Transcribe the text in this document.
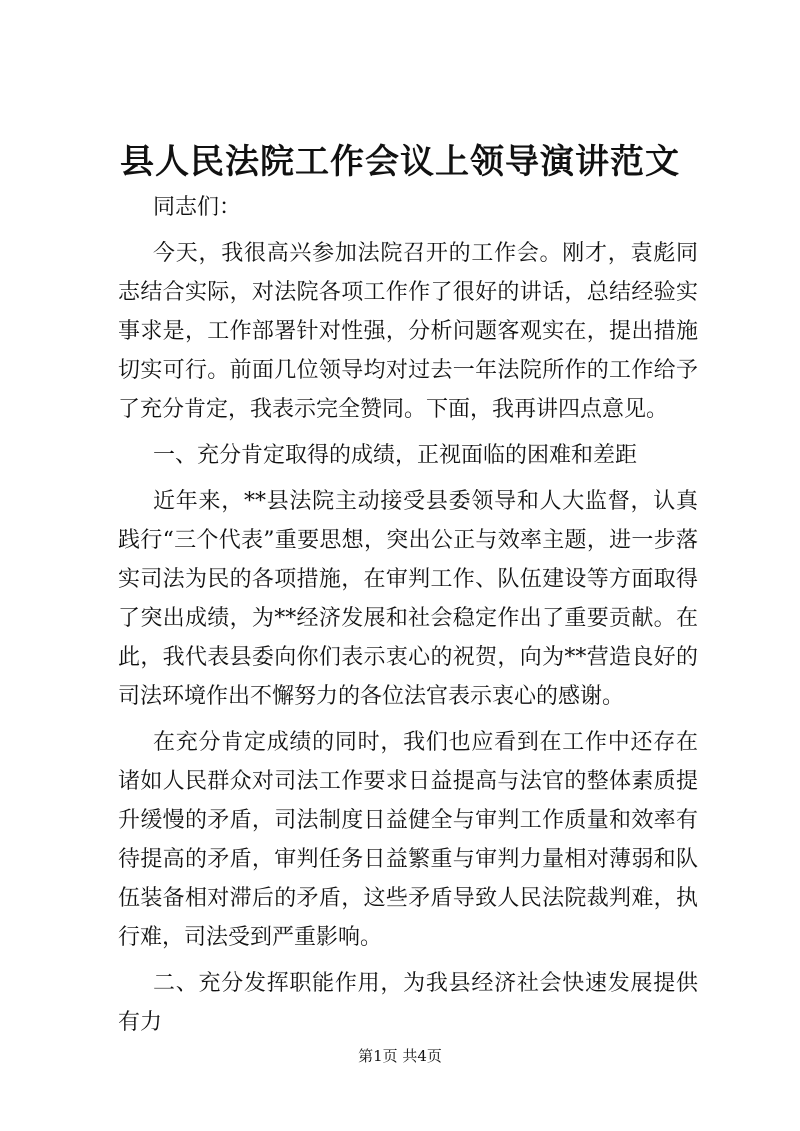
县人民法院工作会议上领导演讲范文

同志们：

今天，我很高兴参加法院召开的工作会。刚才，袁彪同志结合实际，对法院各项工作作了很好的讲话，总结经验实事求是，工作部署针对性强，分析问题客观实在，提出措施切实可行。前面几位领导均对过去一年法院所作的工作给予了充分肯定，我表示完全赞同。下面，我再讲四点意见。

一、充分肯定取得的成绩，正视面临的困难和差距

近年来，**县法院主动接受县委领导和人大监督，认真践行“三个代表”重要思想，突出公正与效率主题，进一步落实司法为民的各项措施，在审判工作、队伍建设等方面取得了突出成绩，为**经济发展和社会稳定作出了重要贡献。在此，我代表县委向你们表示衷心的祝贺，向为**营造良好的司法环境作出不懈努力的各位法官表示衷心的感谢。

在充分肯定成绩的同时，我们也应看到在工作中还存在诸如人民群众对司法工作要求日益提高与法官的整体素质提升缓慢的矛盾，司法制度日益健全与审判工作质量和效率有待提高的矛盾，审判任务日益繁重与审判力量相对薄弱和队伍装备相对滞后的矛盾，这些矛盾导致人民法院裁判难，执行难，司法受到严重影响。

二、充分发挥职能作用，为我县经济社会快速发展提供有力

第1页 共4页
